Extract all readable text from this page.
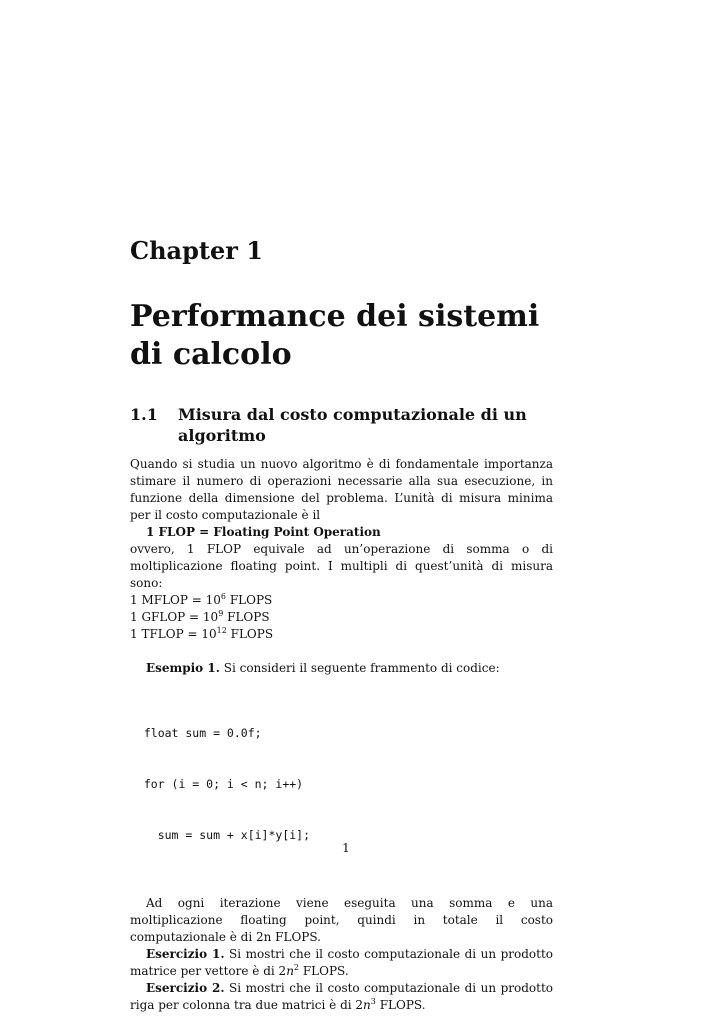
Chapter 1
Performance dei sistemi di calcolo
1.1	Misura dal costo computazionale di un algoritmo

Quando si studia un nuovo algoritmo è di fondamentale importanza stimare il numero di operazioni necessarie alla sua esecuzione, in funzione della dimensione del problema. L’unità di misura minima per il costo computazionale è il

1 FLOP = Floating Point Operation

ovvero, 1 FLOP equivale ad un’operazione di somma o di moltiplicazione floating point. I multipli di quest’unità di misura sono:

1 MFLOP = $10^6$ FLOPS

1 GFLOP = $10^9$ FLOPS

1 TFLOP = $10^{12}$ FLOPS

Esempio 1. Si consideri il seguente frammento di codice:

float sum = 0.0f;

for (i = 0; i < n; i++)

sum = sum + x[i]*y[i];

Ad ogni iterazione viene eseguita una somma e una moltiplicazione floating point, quindi in totale il costo computazionale è di 2n FLOPS.

Esercizio 1. Si mostri che il costo computazionale di un prodotto matrice per vettore è di $2n^2$ FLOPS.

Esercizio 2. Si mostri che il costo computazionale di un prodotto riga per colonna tra due matrici è di $2n^3$ FLOPS.

1
